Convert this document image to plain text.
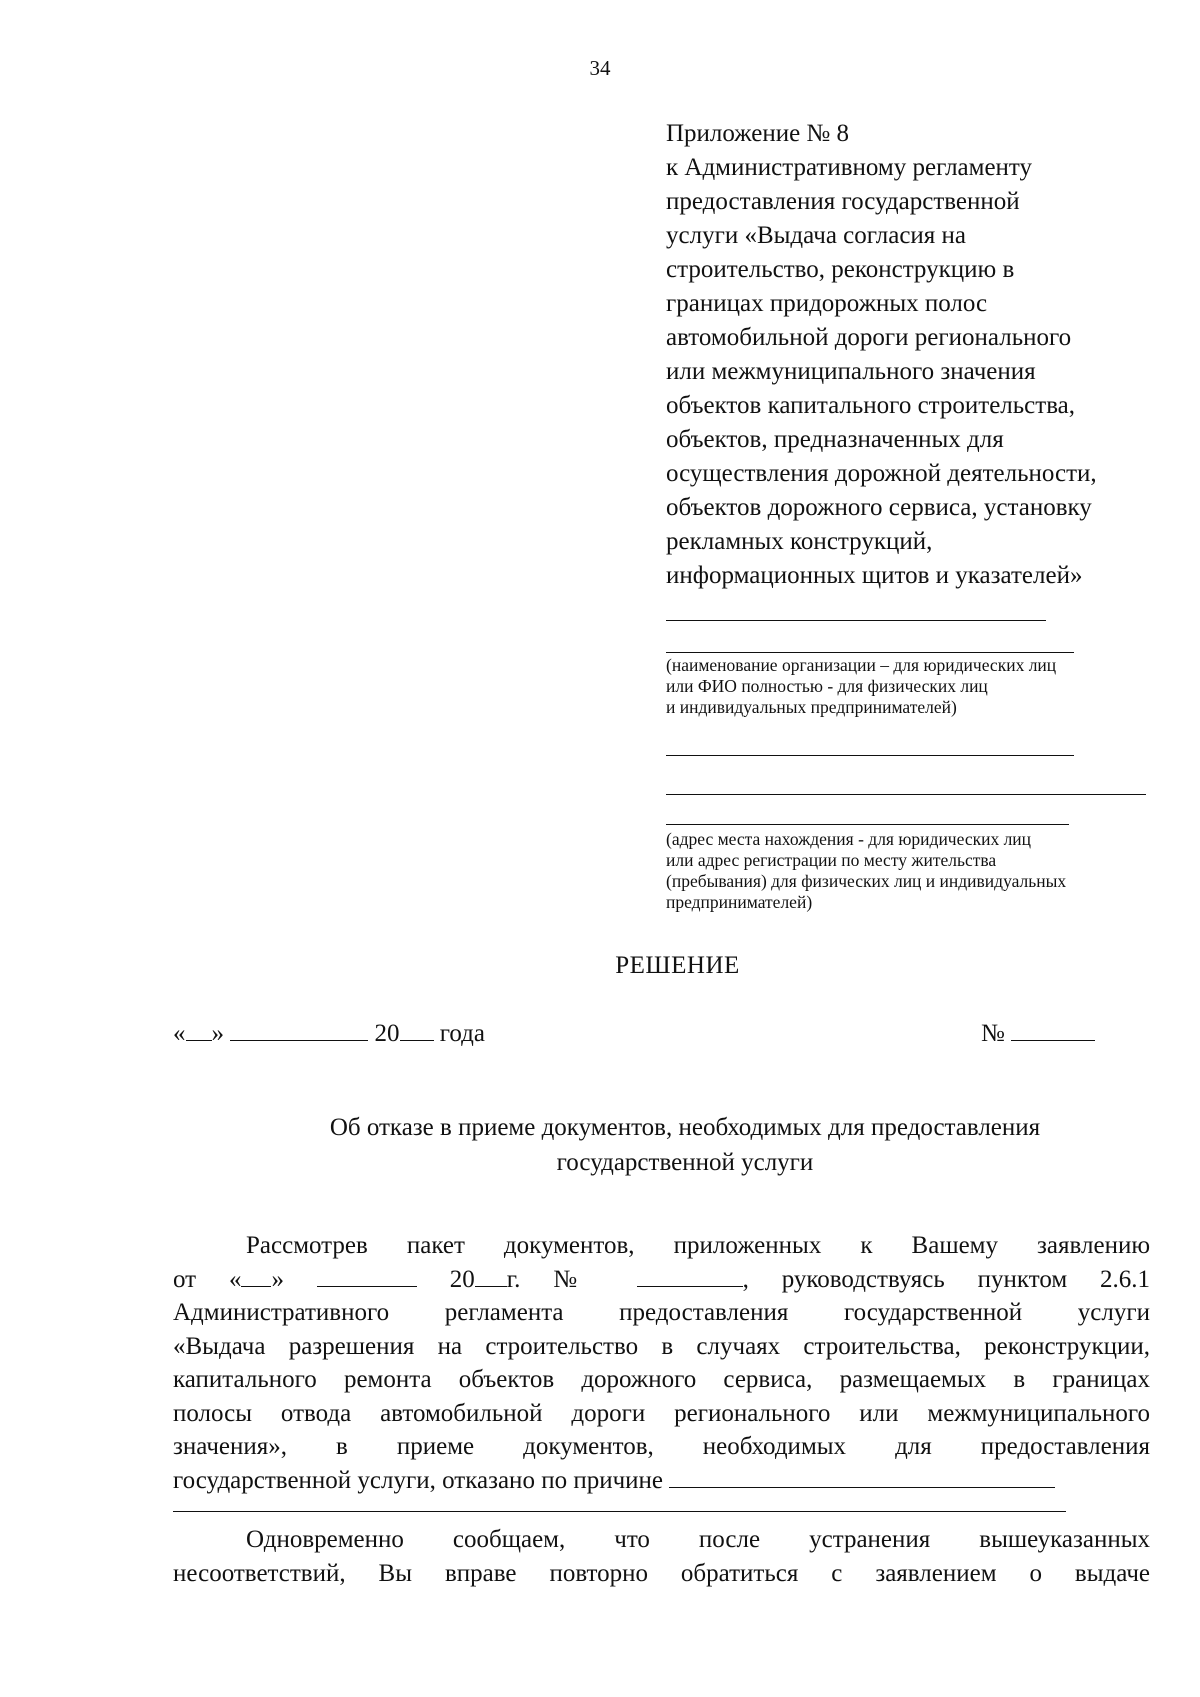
34
Приложение № 8
к Административному регламенту
предоставления государственной
услуги «Выдача согласия на
строительство, реконструкцию в
границах придорожных полос
автомобильной дороги регионального
или межмуниципального значения
объектов капитального строительства,
объектов, предназначенных для
осуществления дорожной деятельности,
объектов дорожного сервиса, установку
рекламных конструкций,
информационных щитов и указателей»
(наименование организации – для юридических лиц
или ФИО полностью - для физических лиц
и индивидуальных предпринимателей)
(адрес места нахождения - для юридических лиц
или адрес регистрации по месту жительства
(пребывания) для физических лиц и индивидуальных
предпринимателей)
РЕШЕНИЕ
« »	20 года	№
Об отказе в приеме документов, необходимых для предоставления
государственной услуги
Рассмотрев пакет документов, приложенных к Вашему заявлению
от « »	20 г. №	, руководствуясь пунктом 2.6.1
Административного регламента предоставления государственной услуги
«Выдача разрешения на строительство в случаях строительства, реконструкции,
капитального ремонта объектов дорожного сервиса, размещаемых в границах
полосы отвода автомобильной дороги регионального или межмуниципального
значения», в приеме документов, необходимых для предоставления
государственной услуги, отказано по причине
Одновременно сообщаем, что после устранения вышеуказанных
несоответствий, Вы вправе повторно обратиться с заявлением о выдаче
